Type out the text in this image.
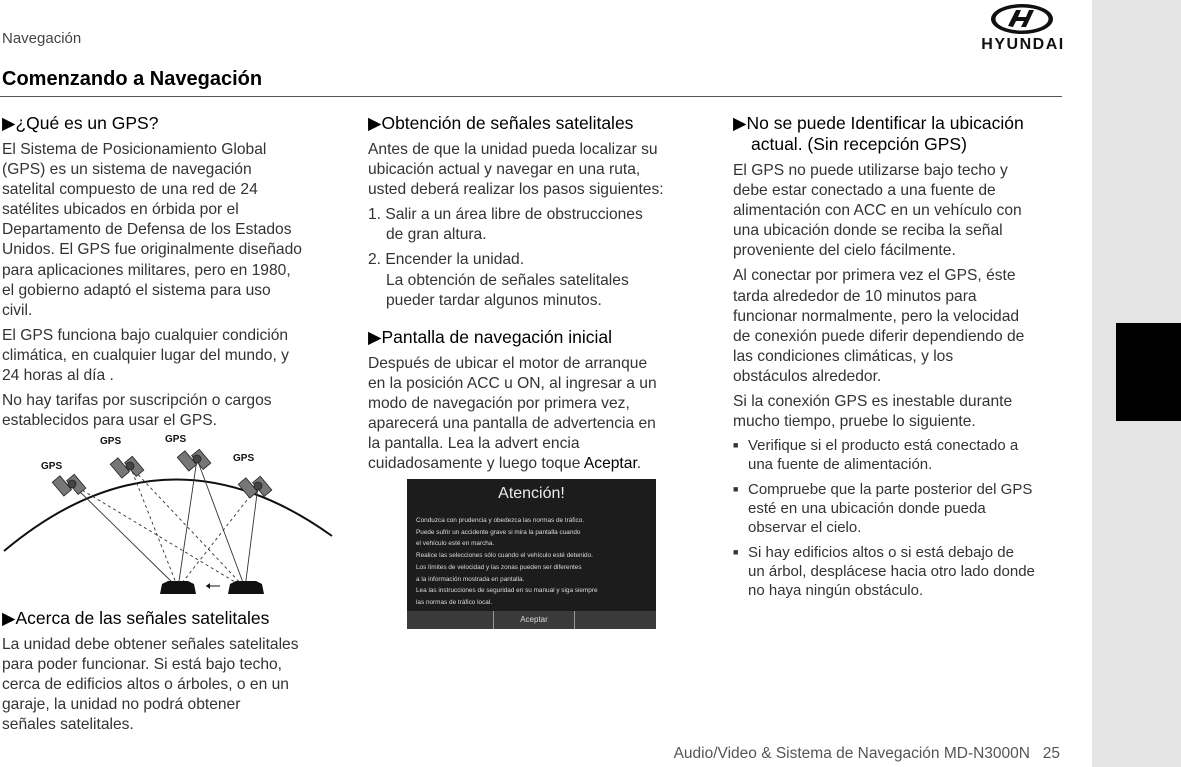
Español
Navegación	HYUNDAI
Comenzando a Navegación
▶¿Qué es un GPS?

El Sistema de Posicionamiento Global
(GPS) es un sistema de navegación
satelital compuesto de una red de 24
satélites ubicados en órbida por el
Departamento de Defensa de los Estados
Unidos. El GPS fue originalmente diseñado
para aplicaciones militares, pero en 1980,
el gobierno adaptó el sistema para uso
civil.

El GPS funciona bajo cualquier condición
climática, en cualquier lugar del mundo, y
24 horas al día .

No hay tarifas por suscripción o cargos
establecidos para usar el GPS.

GPS
GPS	GPS
GPS
▶Acerca de las señales satelitales

La unidad debe obtener señales satelitales
para poder funcionar. Si está bajo techo,
cerca de edificios altos o árboles, o en un
garaje, la unidad no podrá obtener
señales satelitales.

▶Obtención de señales satelitales

Antes de que la unidad pueda localizar su
ubicación actual y navegar en una ruta,
usted deberá realizar los pasos siguientes:

1. Salir a un área libre de obstrucciones
de gran altura.

2. Encender la unidad.
La obtención de señales satelitales
pueder tardar algunos minutos.

▶Pantalla de navegación inicial

Después de ubicar el motor de arranque
en la posición ACC u ON, al ingresar a un
modo de navegación por primera vez,
aparecerá una pantalla de advertencia en
la pantalla. Lea la advert encia
cuidadosamente y luego toque Aceptar.

Atención!
Conduzca con prudencia y obedezca las normas de tráfico.
Puede sufrir un accidente grave si mira la pantalla cuando
el vehículo esté en marcha.
Realice las selecciones sólo cuando el vehículo esté detenido.
Los límites de velocidad y las zonas pueden ser diferentes
a la información mostrada en pantalla.
Lea las instrucciones de seguridad en su manual y siga siempre
las normas de tráfico local.
Aceptar
▶No se puede Identificar la ubicación
actual. (Sin recepción GPS)

El GPS no puede utilizarse bajo techo y
debe estar conectado a una fuente de
alimentación con ACC en un vehículo con
una ubicación donde se reciba la señal
proveniente del cielo fácilmente.

Al conectar por primera vez el GPS, éste
tarda alrededor de 10 minutos para
funcionar normalmente, pero la velocidad
de conexión puede diferir dependiendo de
las condiciones climáticas, y los
obstáculos alrededor.

Si la conexión GPS es inestable durante
mucho tiempo, pruebe lo siguiente.

■ Verifique si el producto está conectado a
una fuente de alimentación.
■ Compruebe que la parte posterior del GPS
esté en una ubicación donde pueda
observar el cielo.
■ Si hay edificios altos o si está debajo de
un árbol, desplácese hacia otro lado donde
no haya ningún obstáculo.
Audio/Video & Sistema de Navegación MD-N3000N 25
